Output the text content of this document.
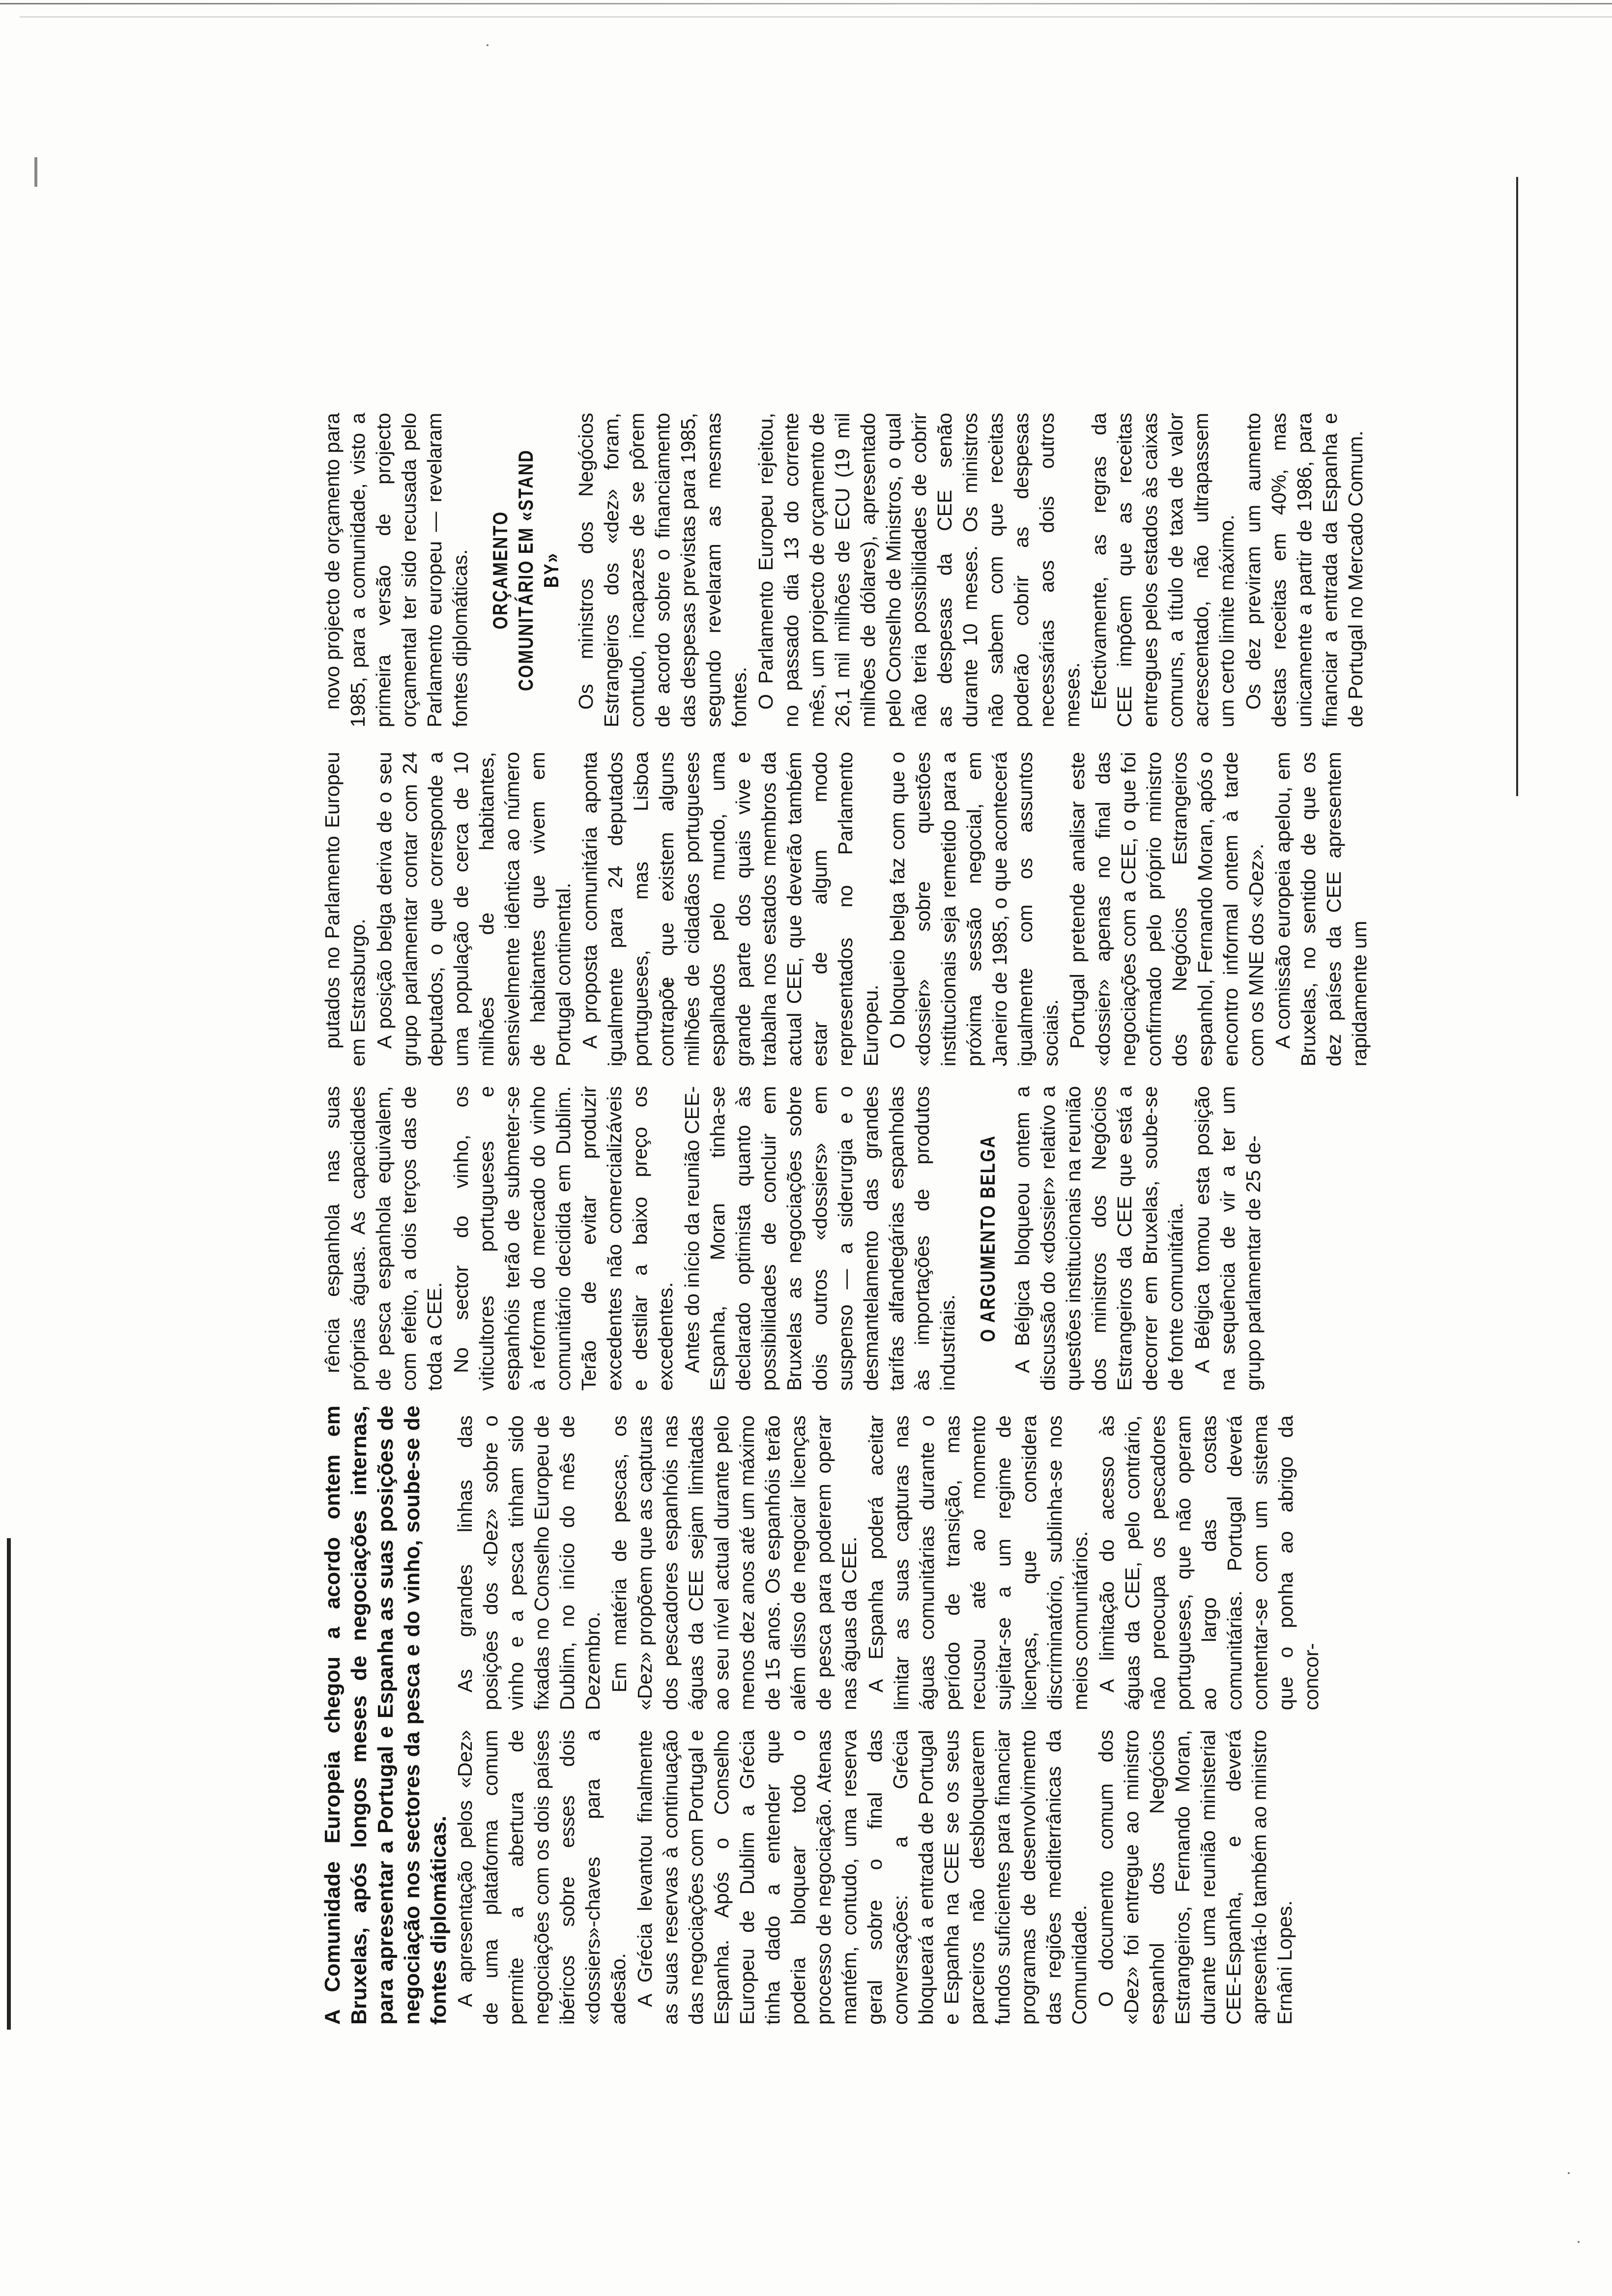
A Comunidade Europeia chegou a acordo ontem em Bruxelas, após longos meses de negociações internas, para apresentar a Portugal e Espanha as suas posições de negociação nos sectores da pesca e do vinho, soube-se de fontes diplomáticas. A apresentação pelos «Dez» de uma plataforma comum permite a abertura de negociações com os dois países ibéricos sobre esses dois «dossiers»-chaves para a adesão. A Grécia levantou finalmente as suas reservas à continuação das negociações com Portugal e Espanha. Após o Conselho Europeu de Dublim a Grécia tinha dado a entender que poderia bloquear todo o processo de negociação. Atenas mantém, contudo, uma reserva geral sobre o final das conversações: a Grécia bloqueará a entrada de Portugal e Espanha na CEE se os seus parceiros não desbloquearem fundos suficientes para financiar programas de desenvolvimento das regiões mediterrânicas da Comunidade. O documento comum dos «Dez» foi entregue ao ministro espanhol dos Negócios Estrangeiros, Fernando Moran, durante uma reunião ministerial CEE-Espanha, e deverá apresentá-lo também ao ministro Ernâni Lopes.

As grandes linhas das posições dos «Dez» sobre o vinho e a pesca tinham sido fixadas no Conselho Europeu de Dublim, no início do mês de Dezembro. Em matéria de pescas, os «Dez» propõem que as capturas dos pescadores espanhóis nas águas da CEE sejam limitadas ao seu nível actual durante pelo menos dez anos até um máximo de 15 anos. Os espanhóis terão além disso de negociar licenças de pesca para poderem operar nas águas da CEE. A Espanha poderá aceitar limitar as suas capturas nas águas comunitárias durante o período de transição, mas recusou até ao momento sujeitar-se a um regime de licenças, que considera discriminatório, sublinha-se nos meios comunitários. A limitação do acesso às águas da CEE, pelo contrário, não preocupa os pescadores portugueses, que não operam ao largo das costas comunitárias. Portugal deverá contentar-se com um sistema que o ponha ao abrigo da concor-

rência espanhola nas suas próprias águas. As capacidades de pesca espanhola equivalem, com efeito, a dois terços das de toda a CEE. No sector do vinho, os viticultores portugueses e espanhóis terão de submeter-se à reforma do mercado do vinho comunitário decidida em Dublim. Terão de evitar produzir excedentes não comercializáveis e destilar a baixo preço os excedentes. Antes do início da reunião CEE-Espanha, Moran tinha-se declarado optimista quanto às possibilidades de concluir em Bruxelas as negociações sobre dois outros «dossiers» em suspenso — a siderurgia e o desmantelamento das grandes tarifas alfandegárias espanholas às importações de produtos industriais.

O ARGUMENTO BELGA A Bélgica bloqueou ontem a discussão do «dossier» relativo a questões institucionais na reunião dos ministros dos Negócios Estrangeiros da CEE que está a decorrer em Bruxelas, soube-se de fonte comunitária. A Bélgica tomou esta posição na sequência de vir a ter um grupo parlamentar de 25 de-

putados no Parlamento Europeu em Estrasburgo. A posição belga deriva de o seu grupo parlamentar contar com 24 deputados, o que corresponde a uma população de cerca de 10 milhões de habitantes, sensivelmente idêntica ao número de habitantes que vivem em Portugal continental. A proposta comunitária aponta igualmente para 24 deputados portugueses, mas Lisboa contrapõe que existem alguns milhões de cidadãos portugueses espalhados pelo mundo, uma grande parte dos quais vive e trabalha nos estados membros da actual CEE, que deverão também estar de algum modo representados no Parlamento Europeu. O bloqueio belga faz com que o «dossier» sobre questões institucionais seja remetido para a próxima sessão negocial, em Janeiro de 1985, o que acontecerá igualmente com os assuntos sociais. Portugal pretende analisar este «dossier» apenas no final das negociações com a CEE, o que foi confirmado pelo próprio ministro dos Negócios Estrangeiros espanhol, Fernando Moran, após o encontro informal ontem à tarde com os MNE dos «Dez». A comissão europeia apelou, em Bruxelas, no sentido de que os dez países da CEE apresentem rapidamente um

novo projecto de orçamento para 1985, para a comunidade, visto a primeira versão de projecto orçamental ter sido recusada pelo Parlamento europeu — revelaram fontes diplomáticas. ORÇAMENTO COMUNITÁRIO EM «STAND BY» Os ministros dos Negócios Estrangeiros dos «dez» foram, contudo, incapazes de se pôrem de acordo sobre o financiamento das despesas previstas para 1985, segundo revelaram as mesmas fontes. O Parlamento Europeu rejeitou, no passado dia 13 do corrente mês, um projecto de orçamento de 26,1 mil milhões de ECU (19 mil milhões de dólares), apresentado pelo Conselho de Ministros, o qual não teria possibilidades de cobrir as despesas da CEE senão durante 10 meses. Os ministros não sabem com que receitas poderão cobrir as despesas necessárias aos dois outros meses. Efectivamente, as regras da CEE impõem que as receitas entregues pelos estados às caixas comuns, a título de taxa de valor acrescentado, não ultrapassem um certo limite máximo. Os dez previram um aumento destas receitas em 40%, mas unicamente a partir de 1986, para financiar a entrada da Espanha e de Portugal no Mercado Comum.
